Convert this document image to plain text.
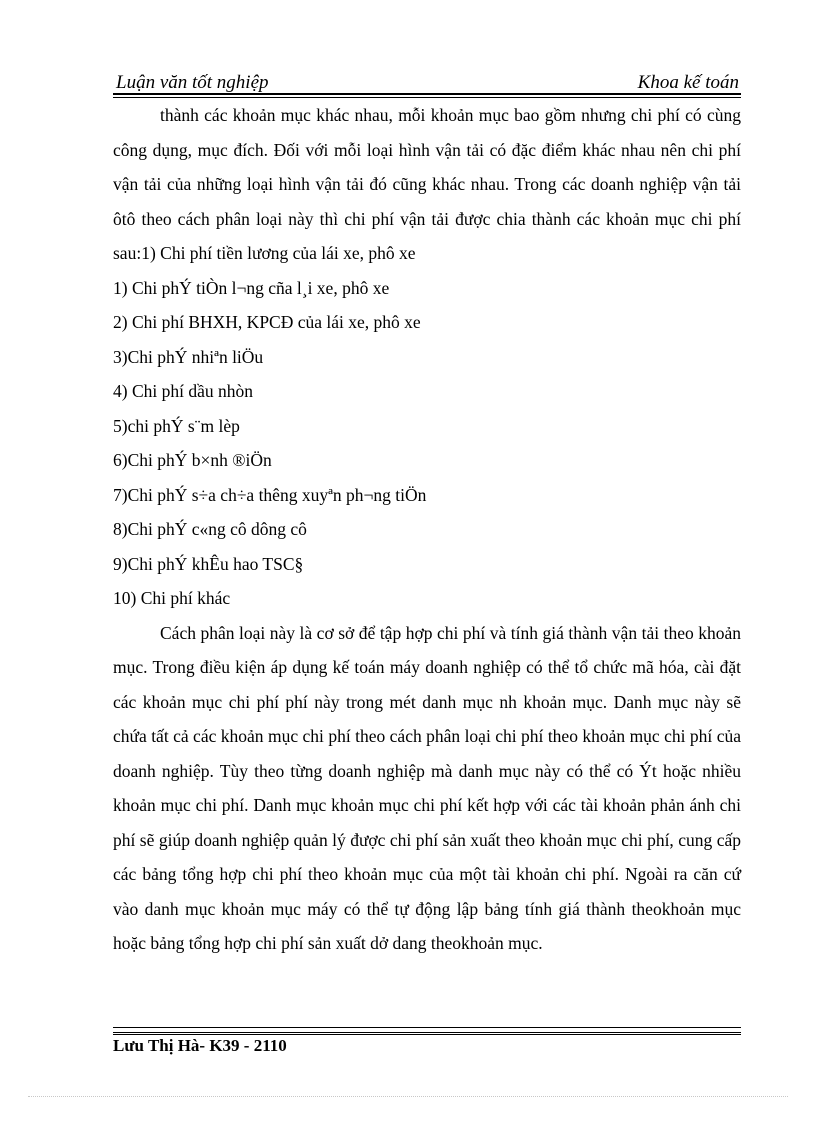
Luận văn tốt nghiệp	Khoa kế toán

thành các khoản mục khác nhau, mỗi khoản mục bao gồm nhưng chi phí có cùng công dụng, mục đích. Đối với mỗi loại hình vận tải có đặc điểm khác nhau nên chi phí vận tải của những loại hình vận tải đó cũng khác nhau. Trong các doanh nghiệp vận tải ôtô theo cách phân loại này thì chi phí vận tải được chia thành các khoản mục chi phí sau:1) Chi phí tiền lương của lái xe, phô xe

1) Chi phÝ tiÒn l¬ng cña l¸i xe, phô xe

2) Chi phí BHXH, KPCĐ của lái xe, phô xe

3)Chi phÝ nhiªn liÖu

4) Chi phí dầu nhòn

5)chi phÝ s¨m lèp

6)Chi phÝ b×nh ®iÖn

7)Chi phÝ s÷a ch÷a thêng xuyªn ph¬ng tiÖn

8)Chi phÝ c«ng cô dông cô

9)Chi phÝ khÊu hao TSC§

10) Chi phí khác

Cách phân loại này là cơ sở để tập hợp chi phí và tính giá thành vận tải theo khoản mục. Trong điều kiện áp dụng kế toán máy doanh nghiệp có thể tổ chức mã hóa, cài đặt các khoản mục chi phí phí này trong mét danh mục nh khoản mục. Danh mục này sẽ chứa tất cả các khoản mục chi phí theo cách phân loại chi phí theo khoản mục chi phí của doanh nghiệp. Tùy theo từng doanh nghiệp mà danh mục này có thể có Ýt hoặc nhiều khoản mục chi phí. Danh mục khoản mục chi phí kết hợp với các tài khoản phản ánh chi phí sẽ giúp doanh nghiệp quản lý được chi phí sản xuất theo khoản mục chi phí, cung cấp các bảng tổng hợp chi phí theo khoản mục của một tài khoản chi phí. Ngoài ra căn cứ vào danh mục khoản mục máy có thể tự động lập bảng tính giá thành theokhoản mục hoặc bảng tổng hợp chi phí sản xuất dở dang theokhoản mục.

Lưu Thị Hà- K39 - 2110
